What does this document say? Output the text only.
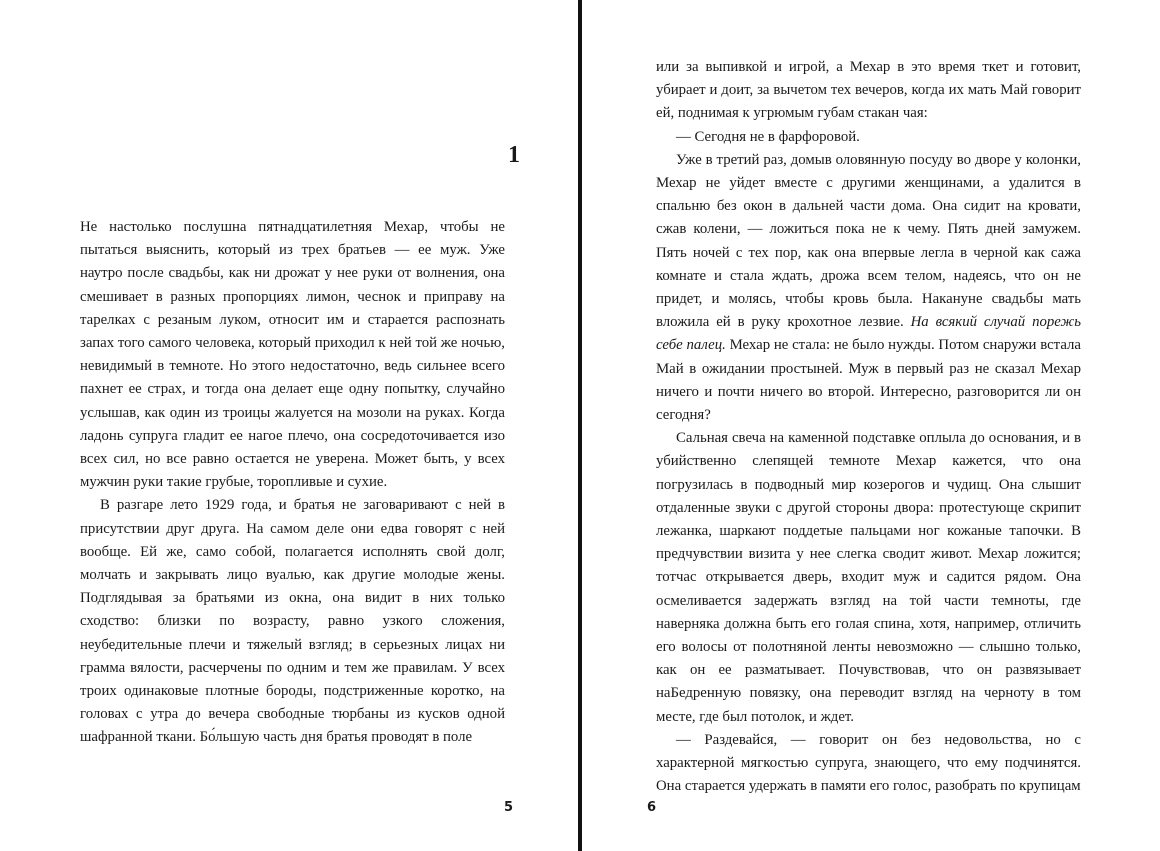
1

Не настолько послушна пятнадцатилетняя Мехар, чтобы не пытаться выяснить, который из трех братьев — ее муж. Уже наутро после свадьбы, как ни дрожат у нее руки от волнения, она смешивает в разных пропорциях лимон, чеснок и приправу на тарелках с резаным луком, относит им и старается распознать запах того самого человека, который приходил к ней той же ночью, невидимый в темноте. Но этого недостаточно, ведь сильнее всего пахнет ее страх, и тогда она делает еще одну попытку, случайно услышав, как один из троицы жалуется на мозоли на руках. Когда ладонь супруга гладит ее нагое плечо, она сосредоточивается изо всех сил, но все равно остается не уверена. Может быть, у всех мужчин руки такие грубые, торопливые и сухие.

В разгаре лето 1929 года, и братья не заговаривают с ней в присутствии друг друга. На самом деле они едва говорят с ней вообще. Ей же, само собой, полагается исполнять свой долг, молчать и закрывать лицо вуалью, как другие молодые жены. Подглядывая за братьями из окна, она видит в них только сходство: близки по возрасту, равно узкого сложения, неубедительные плечи и тяжелый взгляд; в серьезных лицах ни грамма вялости, расчерчены по одним и тем же правилам. У всех троих одинаковые плотные бороды, подстриженные коротко, на головах с утра до вечера свободные тюрбаны из кусков одной шафранной ткани. Бо́льшую часть дня братья проводят в поле

5

или за выпивкой и игрой, а Мехар в это время ткет и готовит, убирает и доит, за вычетом тех вечеров, когда их мать Май говорит ей, поднимая к угрюмым губам стакан чая:

— Сегодня не в фарфоровой.

Уже в третий раз, домыв оловянную посуду во дворе у колонки, Мехар не уйдет вместе с другими женщинами, а удалится в спальню без окон в дальней части дома. Она сидит на кровати, сжав колени, — ложиться пока не к чему. Пять дней замужем. Пять ночей с тех пор, как она впервые легла в черной как сажа комнате и стала ждать, дрожа всем телом, надеясь, что он не придет, и молясь, чтобы кровь была. Накануне свадьбы мать вложила ей в руку крохотное лезвие. На всякий случай порежь себе палец. Мехар не стала: не было нужды. Потом снаружи встала Май в ожидании простыней. Муж в первый раз не сказал Мехар ничего и почти ничего во второй. Интересно, разговорится ли он сегодня?

Сальная свеча на каменной подставке оплыла до основания, и в убийственно слепящей темноте Мехар кажется, что она погрузилась в подводный мир козерогов и чудищ. Она слышит отдаленные звуки с другой стороны двора: протестующе скрипит лежанка, шаркают поддетые пальцами ног кожаные тапочки. В предчувствии визита у нее слегка сводит живот. Мехар ложится; тотчас открывается дверь, входит муж и садится рядом. Она осмеливается задержать взгляд на той части темноты, где наверняка должна быть его голая спина, хотя, например, отличить его волосы от полотняной ленты невозможно — слышно только, как он ее разматывает. Почувствовав, что он развязывает наБедренную повязку, она переводит взгляд на черноту в том месте, где был потолок, и ждет.

— Раздевайся, — говорит он без недовольства, но с характерной мягкостью супруга, знающего, что ему подчинятся. Она старается удержать в памяти его голос, разобрать по крупицам

6
